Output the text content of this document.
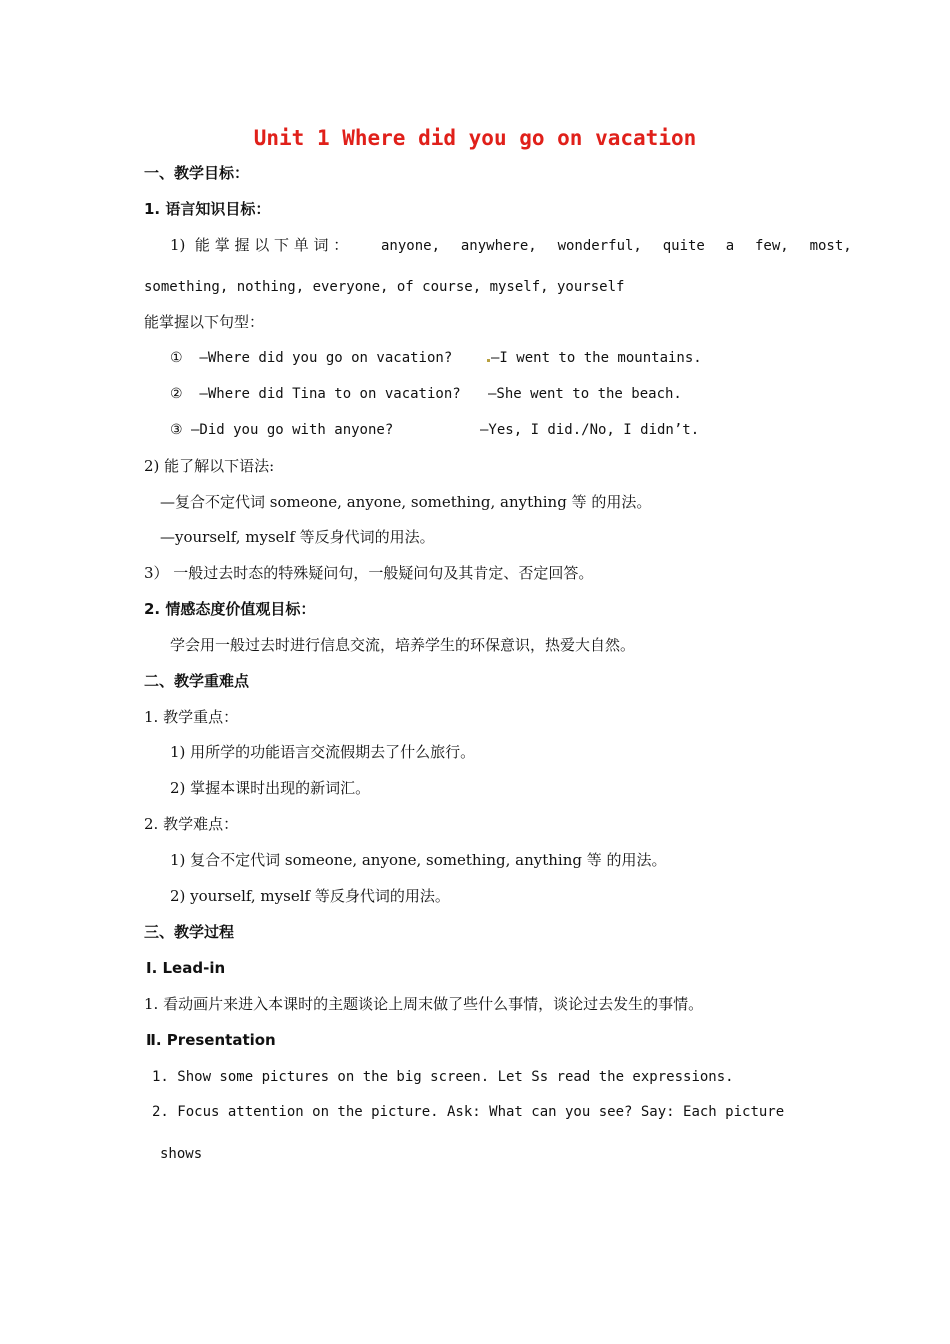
Unit 1 Where did you go on vacation
一、教学目标：
1. 语言知识目标：
1)  能 掌 握 以 下 单 词 ： anyone,  anywhere,  wonderful,  quite  a  few,  most,
something, nothing, everyone, of course, myself, yourself
能掌握以下句型：
①  —Where did you go on vacation?	—I went to the mountains.
②  —Where did Tina to on vacation? —She went to the beach.
③ —Did you go with anyone?	—Yes, I did./No, I didn’t.
2) 能了解以下语法:
—复合不定代词 someone, anyone, something, anything 等 的用法。
—yourself, myself 等反身代词的用法。
3） 一般过去时态的特殊疑问句，一般疑问句及其肯定、否定回答。
2. 情感态度价值观目标：
学会用一般过去时进行信息交流，培养学生的环保意识，热爱大自然。
二、教学重难点
1. 教学重点：
1) 用所学的功能语言交流假期去了什么旅行。
2) 掌握本课时出现的新词汇。
2. 教学难点：
1) 复合不定代词 someone, anyone, something, anything 等 的用法。
2) yourself, myself 等反身代词的用法。
三、教学过程
Ⅰ. Lead-in
1. 看动画片来进入本课时的主题谈论上周末做了些什么事情，谈论过去发生的事情。
Ⅱ. Presentation
1. Show some pictures on the big screen. Let Ss read the expressions.
2. Focus attention on the picture. Ask: What can you see? Say: Each picture
shows
